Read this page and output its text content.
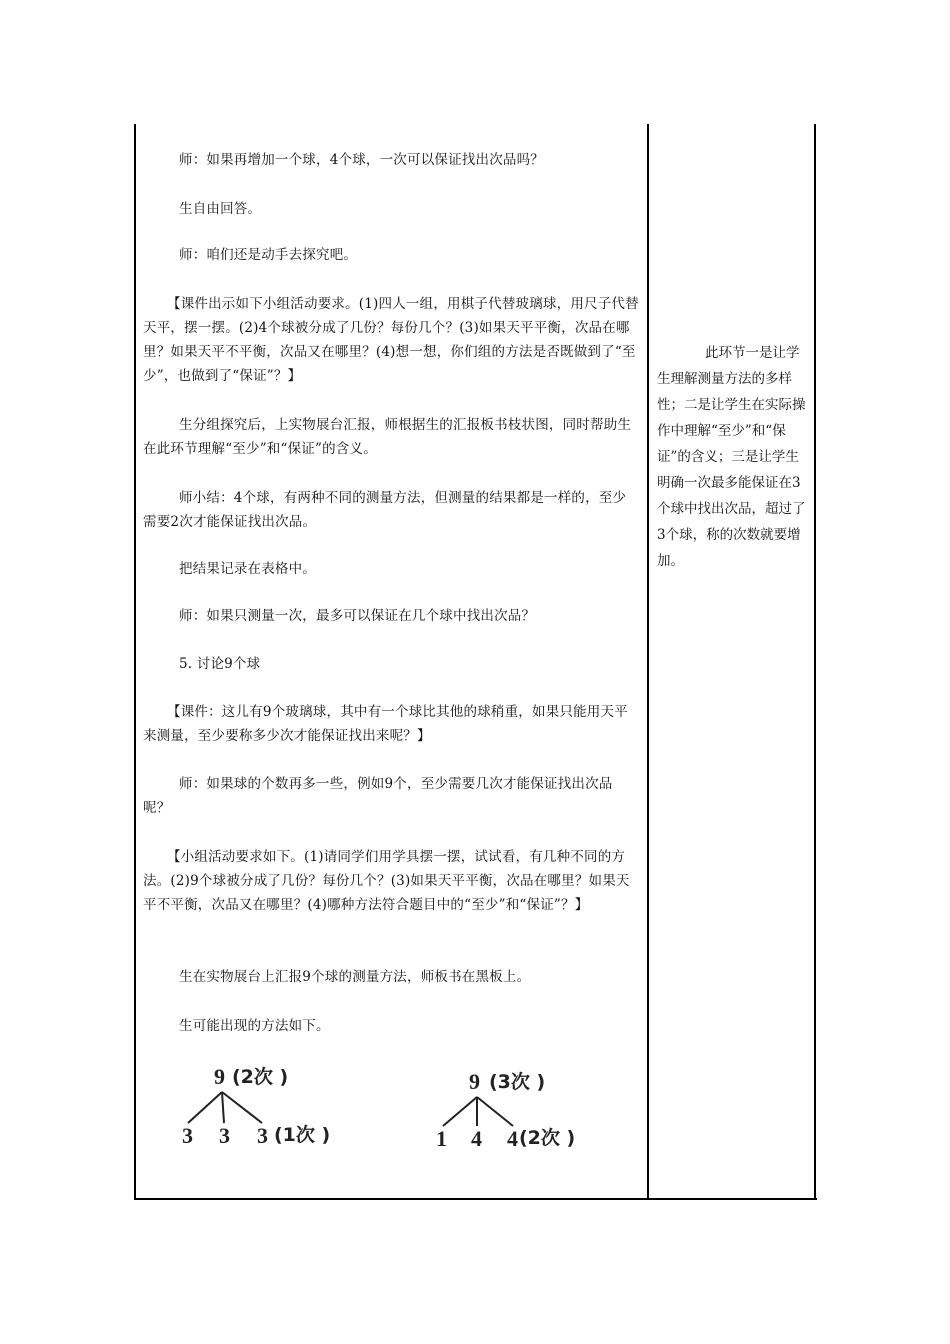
师：如果再增加一个球，4个球，一次可以保证找出次品吗？
生自由回答。
师：咱们还是动手去探究吧。
【课件出示如下小组活动要求。(1)四人一组，用棋子代替玻璃球，用尺子代替天平，摆一摆。(2)4个球被分成了几份？每份几个？(3)如果天平平衡，次品在哪里？如果天平不平衡，次品又在哪里？(4)想一想，你们组的方法是否既做到了“至少”，也做到了“保证”？】
生分组探究后，上实物展台汇报，师根据生的汇报板书枝状图，同时帮助生在此环节理解“至少”和“保证”的含义。
师小结：4个球，有两种不同的测量方法，但测量的结果都是一样的，至少需要2次才能保证找出次品。
把结果记录在表格中。
师：如果只测量一次，最多可以保证在几个球中找出次品？
5. 讨论9个球
【课件：这儿有9个玻璃球，其中有一个球比其他的球稍重，如果只能用天平来测量，至少要称多少次才能保证找出来呢？】
师：如果球的个数再多一些，例如9个，至少需要几次才能保证找出次品呢？
【小组活动要求如下。(1)请同学们用学具摆一摆，试试看，有几种不同的方法。(2)9个球被分成了几份？每份几个？(3)如果天平平衡，次品在哪里？如果天平不平衡，次品又在哪里？(4)哪种方法符合题目中的“至少”和“保证”？】
生在实物展台上汇报9个球的测量方法，师板书在黑板上。
生可能出现的方法如下。
此环节一是让学生理解测量方法的多样性；二是让学生在实际操作中理解“至少”和“保证”的含义；三是让学生明确一次最多能保证在3个球中找出次品，超过了3个球，称的次数就要增加。
9 (2次 )
3 3 3 (1次 )
9 (3次 )
1 4 4 (2次 )
